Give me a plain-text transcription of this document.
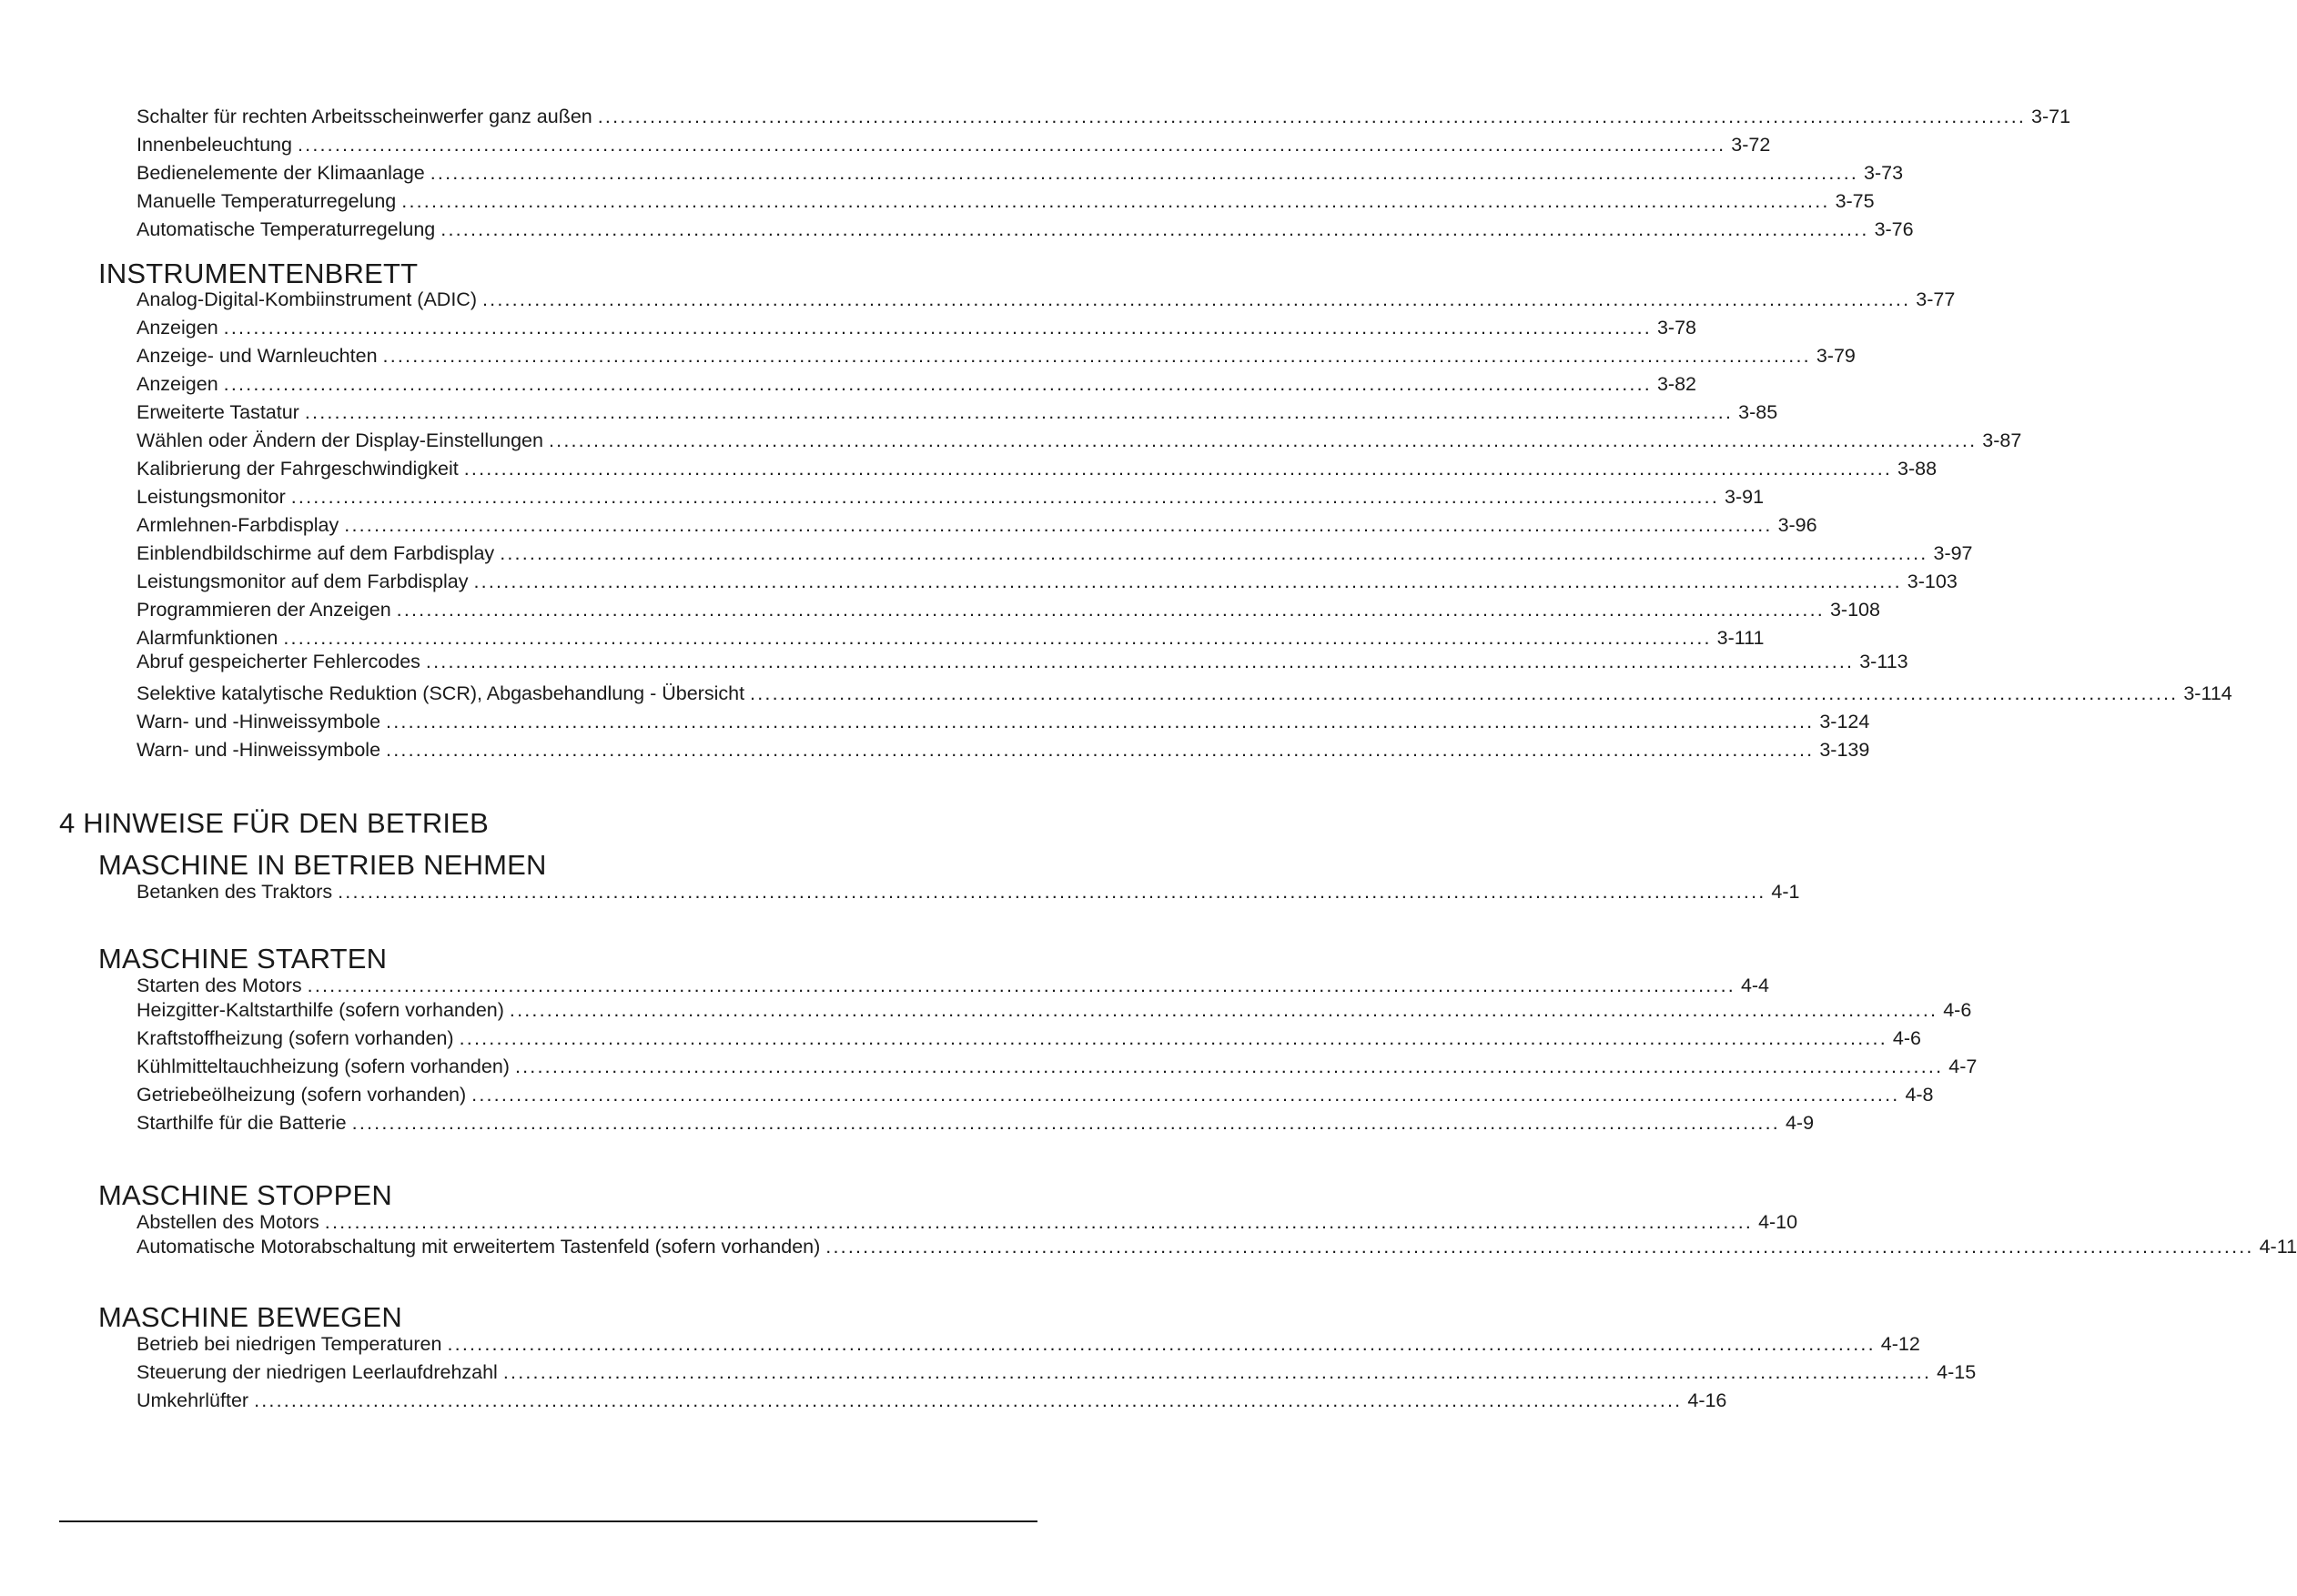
Schalter für rechten Arbeitsscheinwerfer ganz außen ................................................................................................................................................................................................ 3-71
Innenbeleuchtung ................................................................................................................................................................................................ 3-72
Bedienelemente der Klimaanlage ................................................................................................................................................................................................ 3-73
Manuelle Temperaturregelung ................................................................................................................................................................................................ 3-75
Automatische Temperaturregelung ................................................................................................................................................................................................ 3-76
INSTRUMENTENBRETT
Analog-Digital-Kombiinstrument (ADIC) ................................................................................................................................................................................................ 3-77
Anzeigen ................................................................................................................................................................................................ 3-78
Anzeige- und Warnleuchten ................................................................................................................................................................................................ 3-79
Anzeigen ................................................................................................................................................................................................ 3-82
Erweiterte Tastatur ................................................................................................................................................................................................ 3-85
Wählen oder Ändern der Display-Einstellungen ................................................................................................................................................................................................ 3-87
Kalibrierung der Fahrgeschwindigkeit ................................................................................................................................................................................................ 3-88
Leistungsmonitor ................................................................................................................................................................................................ 3-91
Armlehnen-Farbdisplay ................................................................................................................................................................................................ 3-96
Einblendbildschirme auf dem Farbdisplay ................................................................................................................................................................................................ 3-97
Leistungsmonitor auf dem Farbdisplay ................................................................................................................................................................................................ 3-103
Programmieren der Anzeigen ................................................................................................................................................................................................ 3-108
Alarmfunktionen ................................................................................................................................................................................................ 3-111
Abruf gespeicherter Fehlercodes ................................................................................................................................................................................................ 3-113
Selektive katalytische Reduktion (SCR), Abgasbehandlung - Übersicht ................................................................................................................................................................................................ 3-114
Warn- und -Hinweissymbole ................................................................................................................................................................................................ 3-124
Warn- und -Hinweissymbole ................................................................................................................................................................................................ 3-139
4 HINWEISE FÜR DEN BETRIEB
MASCHINE IN BETRIEB NEHMEN
Betanken des Traktors ................................................................................................................................................................................................ 4-1
MASCHINE STARTEN
Starten des Motors ................................................................................................................................................................................................ 4-4
Heizgitter-Kaltstarthilfe (sofern vorhanden) ................................................................................................................................................................................................ 4-6
Kraftstoffheizung (sofern vorhanden) ................................................................................................................................................................................................ 4-6
Kühlmitteltauchheizung (sofern vorhanden) ................................................................................................................................................................................................ 4-7
Getriebeölheizung (sofern vorhanden) ................................................................................................................................................................................................ 4-8
Starthilfe für die Batterie ................................................................................................................................................................................................ 4-9
MASCHINE STOPPEN
Abstellen des Motors ................................................................................................................................................................................................ 4-10
Automatische Motorabschaltung mit erweitertem Tastenfeld (sofern vorhanden) ................................................................................................................................................................................................ 4-11
MASCHINE BEWEGEN
Betrieb bei niedrigen Temperaturen ................................................................................................................................................................................................ 4-12
Steuerung der niedrigen Leerlaufdrehzahl ................................................................................................................................................................................................ 4-15
Umkehrlüfter ................................................................................................................................................................................................ 4-16
